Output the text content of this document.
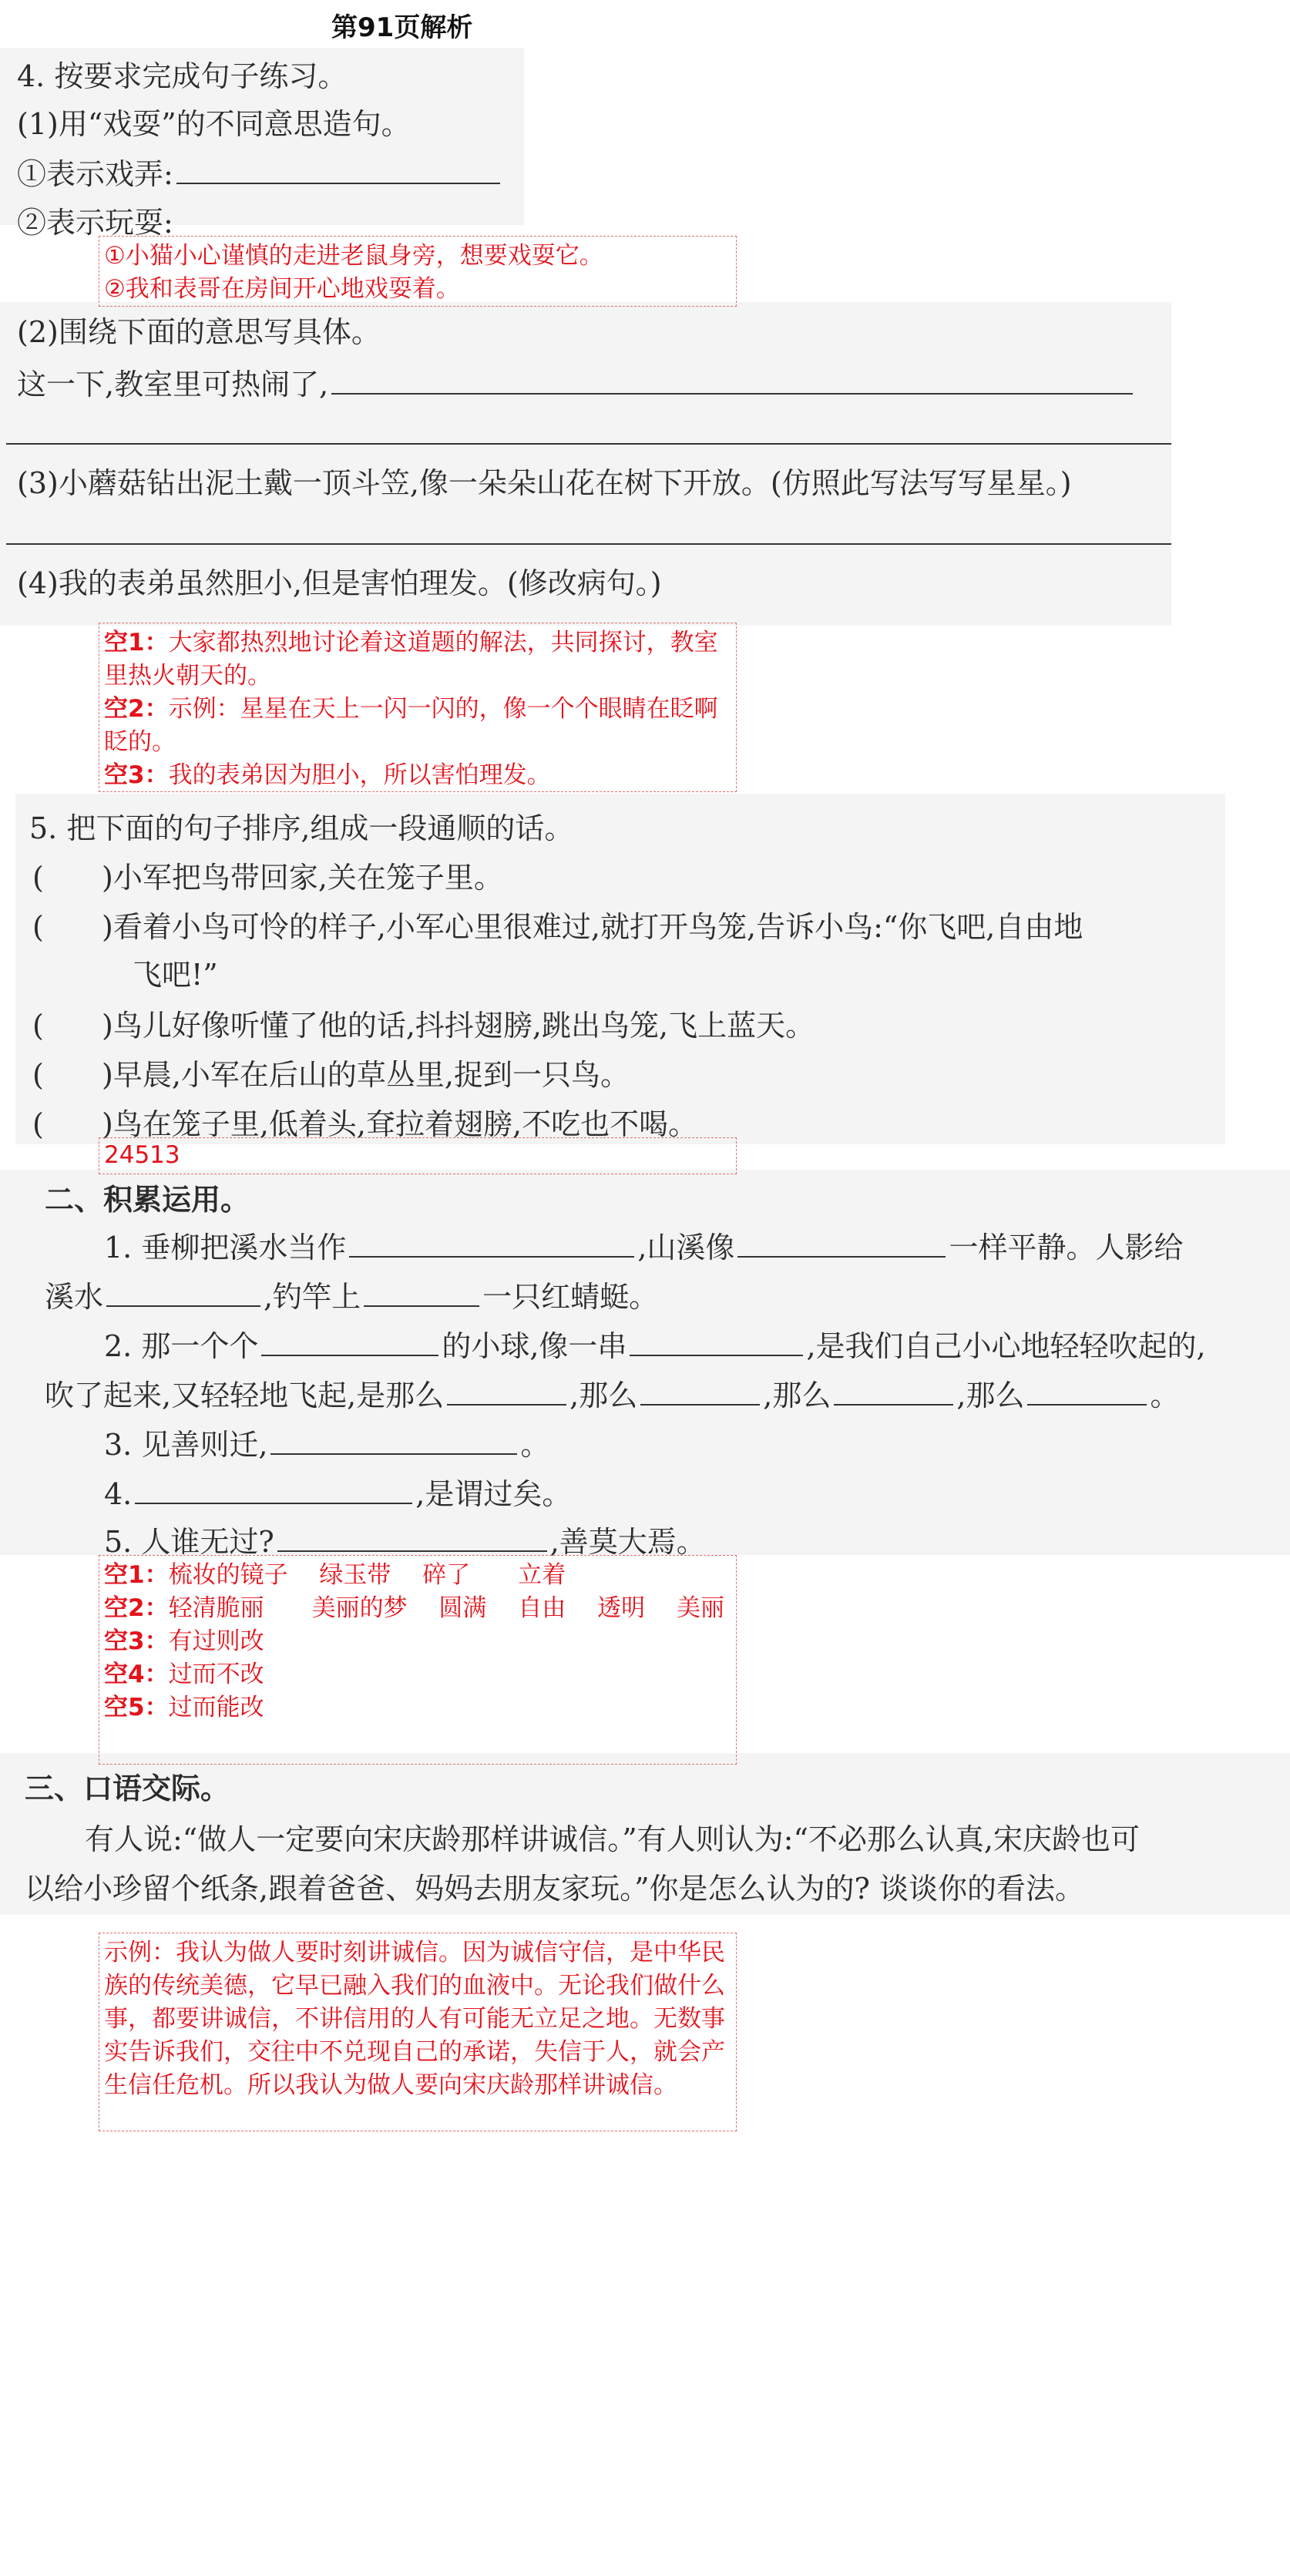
第91页解析
4. 按要求完成句子练习。
(1)用“戏耍”的不同意思造句。
①表示戏弄:
②表示玩耍:
①小猫小心谨慎的走进老鼠身旁，想要戏耍它。
②我和表哥在房间开心地戏耍着。
(2)围绕下面的意思写具体。
这一下,教室里可热闹了,
(3)小蘑菇钻出泥土戴一顶斗笠,像一朵朵山花在树下开放。(仿照此写法写写星星。)
(4)我的表弟虽然胆小,但是害怕理发。(修改病句。)
空1：大家都热烈地讨论着这道题的解法，共同探讨，教室里热火朝天的。
空2：示例：星星在天上一闪一闪的，像一个个眼睛在眨啊眨的。
空3：我的表弟因为胆小，所以害怕理发。
5. 把下面的句子排序,组成一段通顺的话。
( )小军把鸟带回家,关在笼子里。
( )看着小鸟可怜的样子,小军心里很难过,就打开鸟笼,告诉小鸟:“你飞吧,自由地
飞吧!”
( )鸟儿好像听懂了他的话,抖抖翅膀,跳出鸟笼,飞上蓝天。
( )早晨,小军在后山的草丛里,捉到一只鸟。
( )鸟在笼子里,低着头,耷拉着翅膀,不吃也不喝。
24513
二、积累运用。
1. 垂柳把溪水当作	,山溪像	一样平静。人影给
溪水	,钓竿上	一只红蜻蜓。
2. 那一个个	的小球,像一串	,是我们自己小心地轻轻吹起的,
吹了起来,又轻轻地飞起,是那么	,那么	,那么	,那么	。
3. 见善则迁,	。
4.	,是谓过矣。
5. 人谁无过?	,善莫大焉。
空1：梳妆的镜子　 绿玉带　 碎了　　立着
空2：轻清脆丽　　美丽的梦　 圆满　 自由　 透明　 美丽
空3：有过则改
空4：过而不改
空5：过而能改
三、口语交际。
有人说:“做人一定要向宋庆龄那样讲诚信。”有人则认为:“不必那么认真,宋庆龄也可
以给小珍留个纸条,跟着爸爸、妈妈去朋友家玩。”你是怎么认为的? 谈谈你的看法。
示例：我认为做人要时刻讲诚信。因为诚信守信，是中华民族的传统美德，它早已融入我们的血液中。无论我们做什么事，都要讲诚信，不讲信用的人有可能无立足之地。无数事实告诉我们，交往中不兑现自己的承诺，失信于人，就会产生信任危机。所以我认为做人要向宋庆龄那样讲诚信。
